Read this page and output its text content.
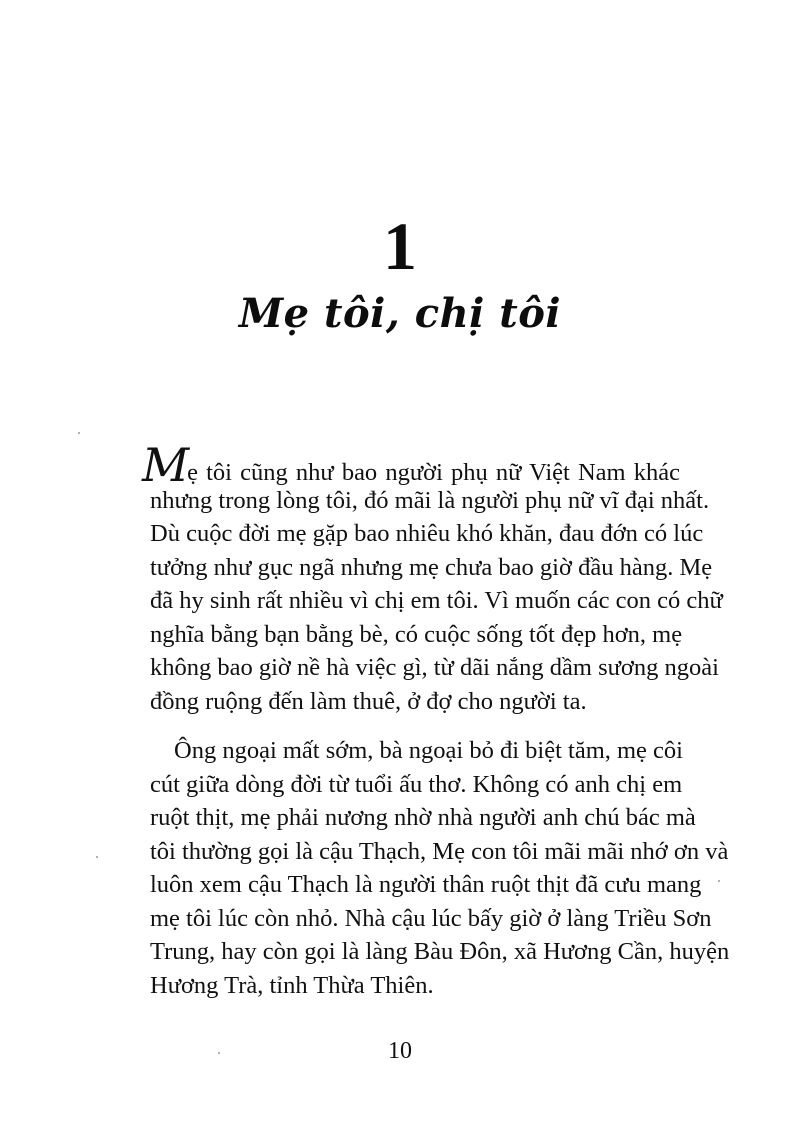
1
Mẹ tôi, chị tôi
Mẹ tôi cũng như bao người phụ nữ Việt Nam khác
nhưng trong lòng tôi, đó mãi là người phụ nữ vĩ đại nhất.
Dù cuộc đời mẹ gặp bao nhiêu khó khăn, đau đớn có lúc
tưởng như gục ngã nhưng mẹ chưa bao giờ đầu hàng. Mẹ
đã hy sinh rất nhiều vì chị em tôi. Vì muốn các con có chữ
nghĩa bằng bạn bằng bè, có cuộc sống tốt đẹp hơn, mẹ
không bao giờ nề hà việc gì, từ dãi nắng dầm sương ngoài
đồng ruộng đến làm thuê, ở đợ cho người ta.
Ông ngoại mất sớm, bà ngoại bỏ đi biệt tăm, mẹ côi
cút giữa dòng đời từ tuổi ấu thơ. Không có anh chị em
ruột thịt, mẹ phải nương nhờ nhà người anh chú bác mà
tôi thường gọi là cậu Thạch, Mẹ con tôi mãi mãi nhớ ơn và
luôn xem cậu Thạch là người thân ruột thịt đã cưu mang
mẹ tôi lúc còn nhỏ. Nhà cậu lúc bấy giờ ở làng Triều Sơn
Trung, hay còn gọi là làng Bàu Đôn, xã Hương Cần, huyện
Hương Trà, tỉnh Thừa Thiên.
10
